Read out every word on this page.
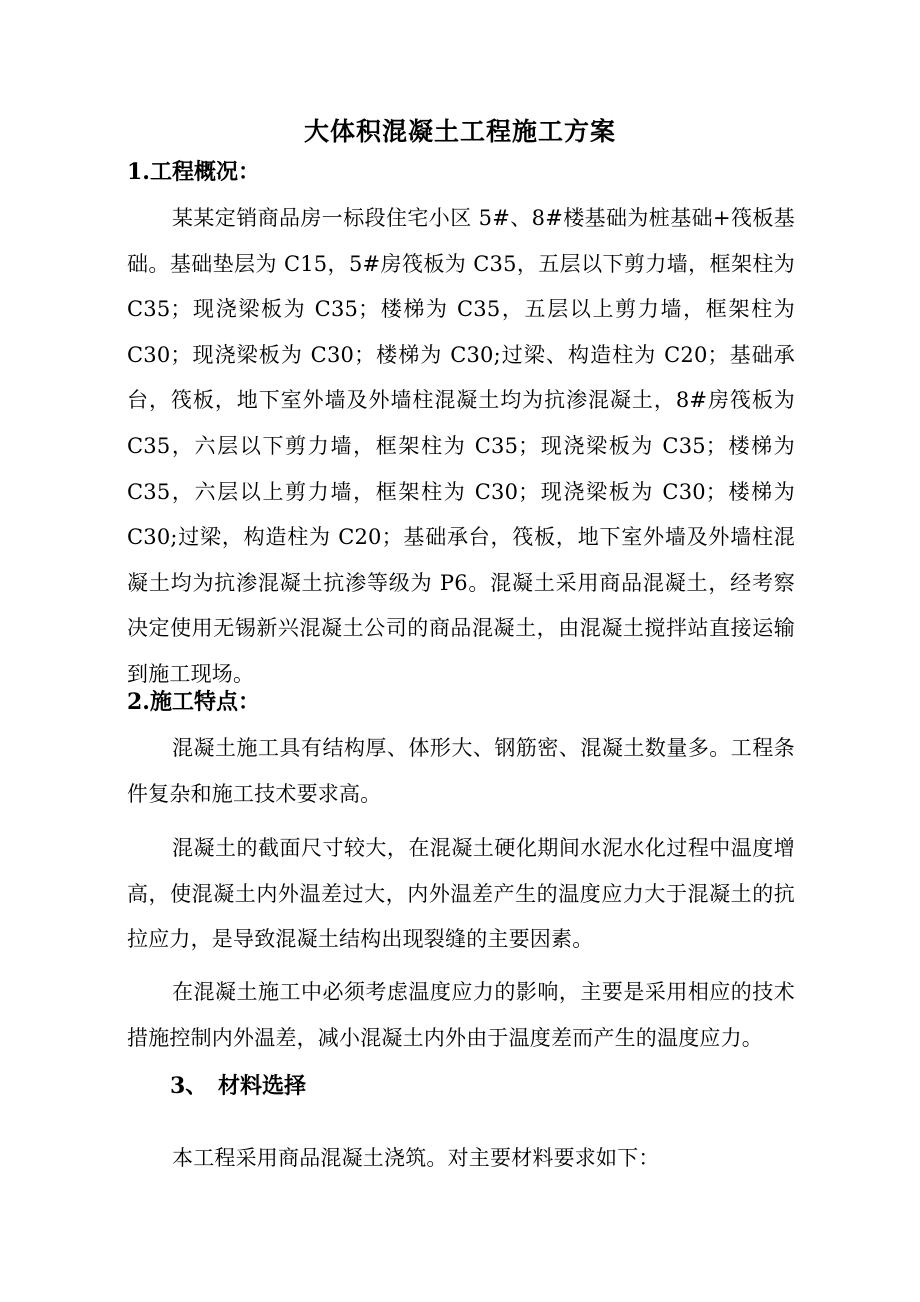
大体积混凝土工程施工方案
1.工程概况：
某某定销商品房一标段住宅小区 5#、8#楼基础为桩基础+筏板基础。基础垫层为 C15，5#房筏板为 C35，五层以下剪力墙，框架柱为 C35；现浇梁板为 C35；楼梯为 C35，五层以上剪力墙，框架柱为 C30；现浇梁板为 C30；楼梯为 C30;过梁、构造柱为 C20；基础承台，筏板，地下室外墙及外墙柱混凝土均为抗渗混凝土，8#房筏板为 C35，六层以下剪力墙，框架柱为 C35；现浇梁板为 C35；楼梯为 C35，六层以上剪力墙，框架柱为 C30；现浇梁板为 C30；楼梯为 C30;过梁，构造柱为 C20；基础承台，筏板，地下室外墙及外墙柱混凝土均为抗渗混凝土抗渗等级为 P6。混凝土采用商品混凝土，经考察决定使用无锡新兴混凝土公司的商品混凝土，由混凝土搅拌站直接运输到施工现场。
2.施工特点：
混凝土施工具有结构厚、体形大、钢筋密、混凝土数量多。工程条件复杂和施工技术要求高。
混凝土的截面尺寸较大，在混凝土硬化期间水泥水化过程中温度增高，使混凝土内外温差过大，内外温差产生的温度应力大于混凝土的抗拉应力，是导致混凝土结构出现裂缝的主要因素。
在混凝土施工中必须考虑温度应力的影响，主要是采用相应的技术措施控制内外温差，减小混凝土内外由于温度差而产生的温度应力。
3、 材料选择
本工程采用商品混凝土浇筑。对主要材料要求如下：
